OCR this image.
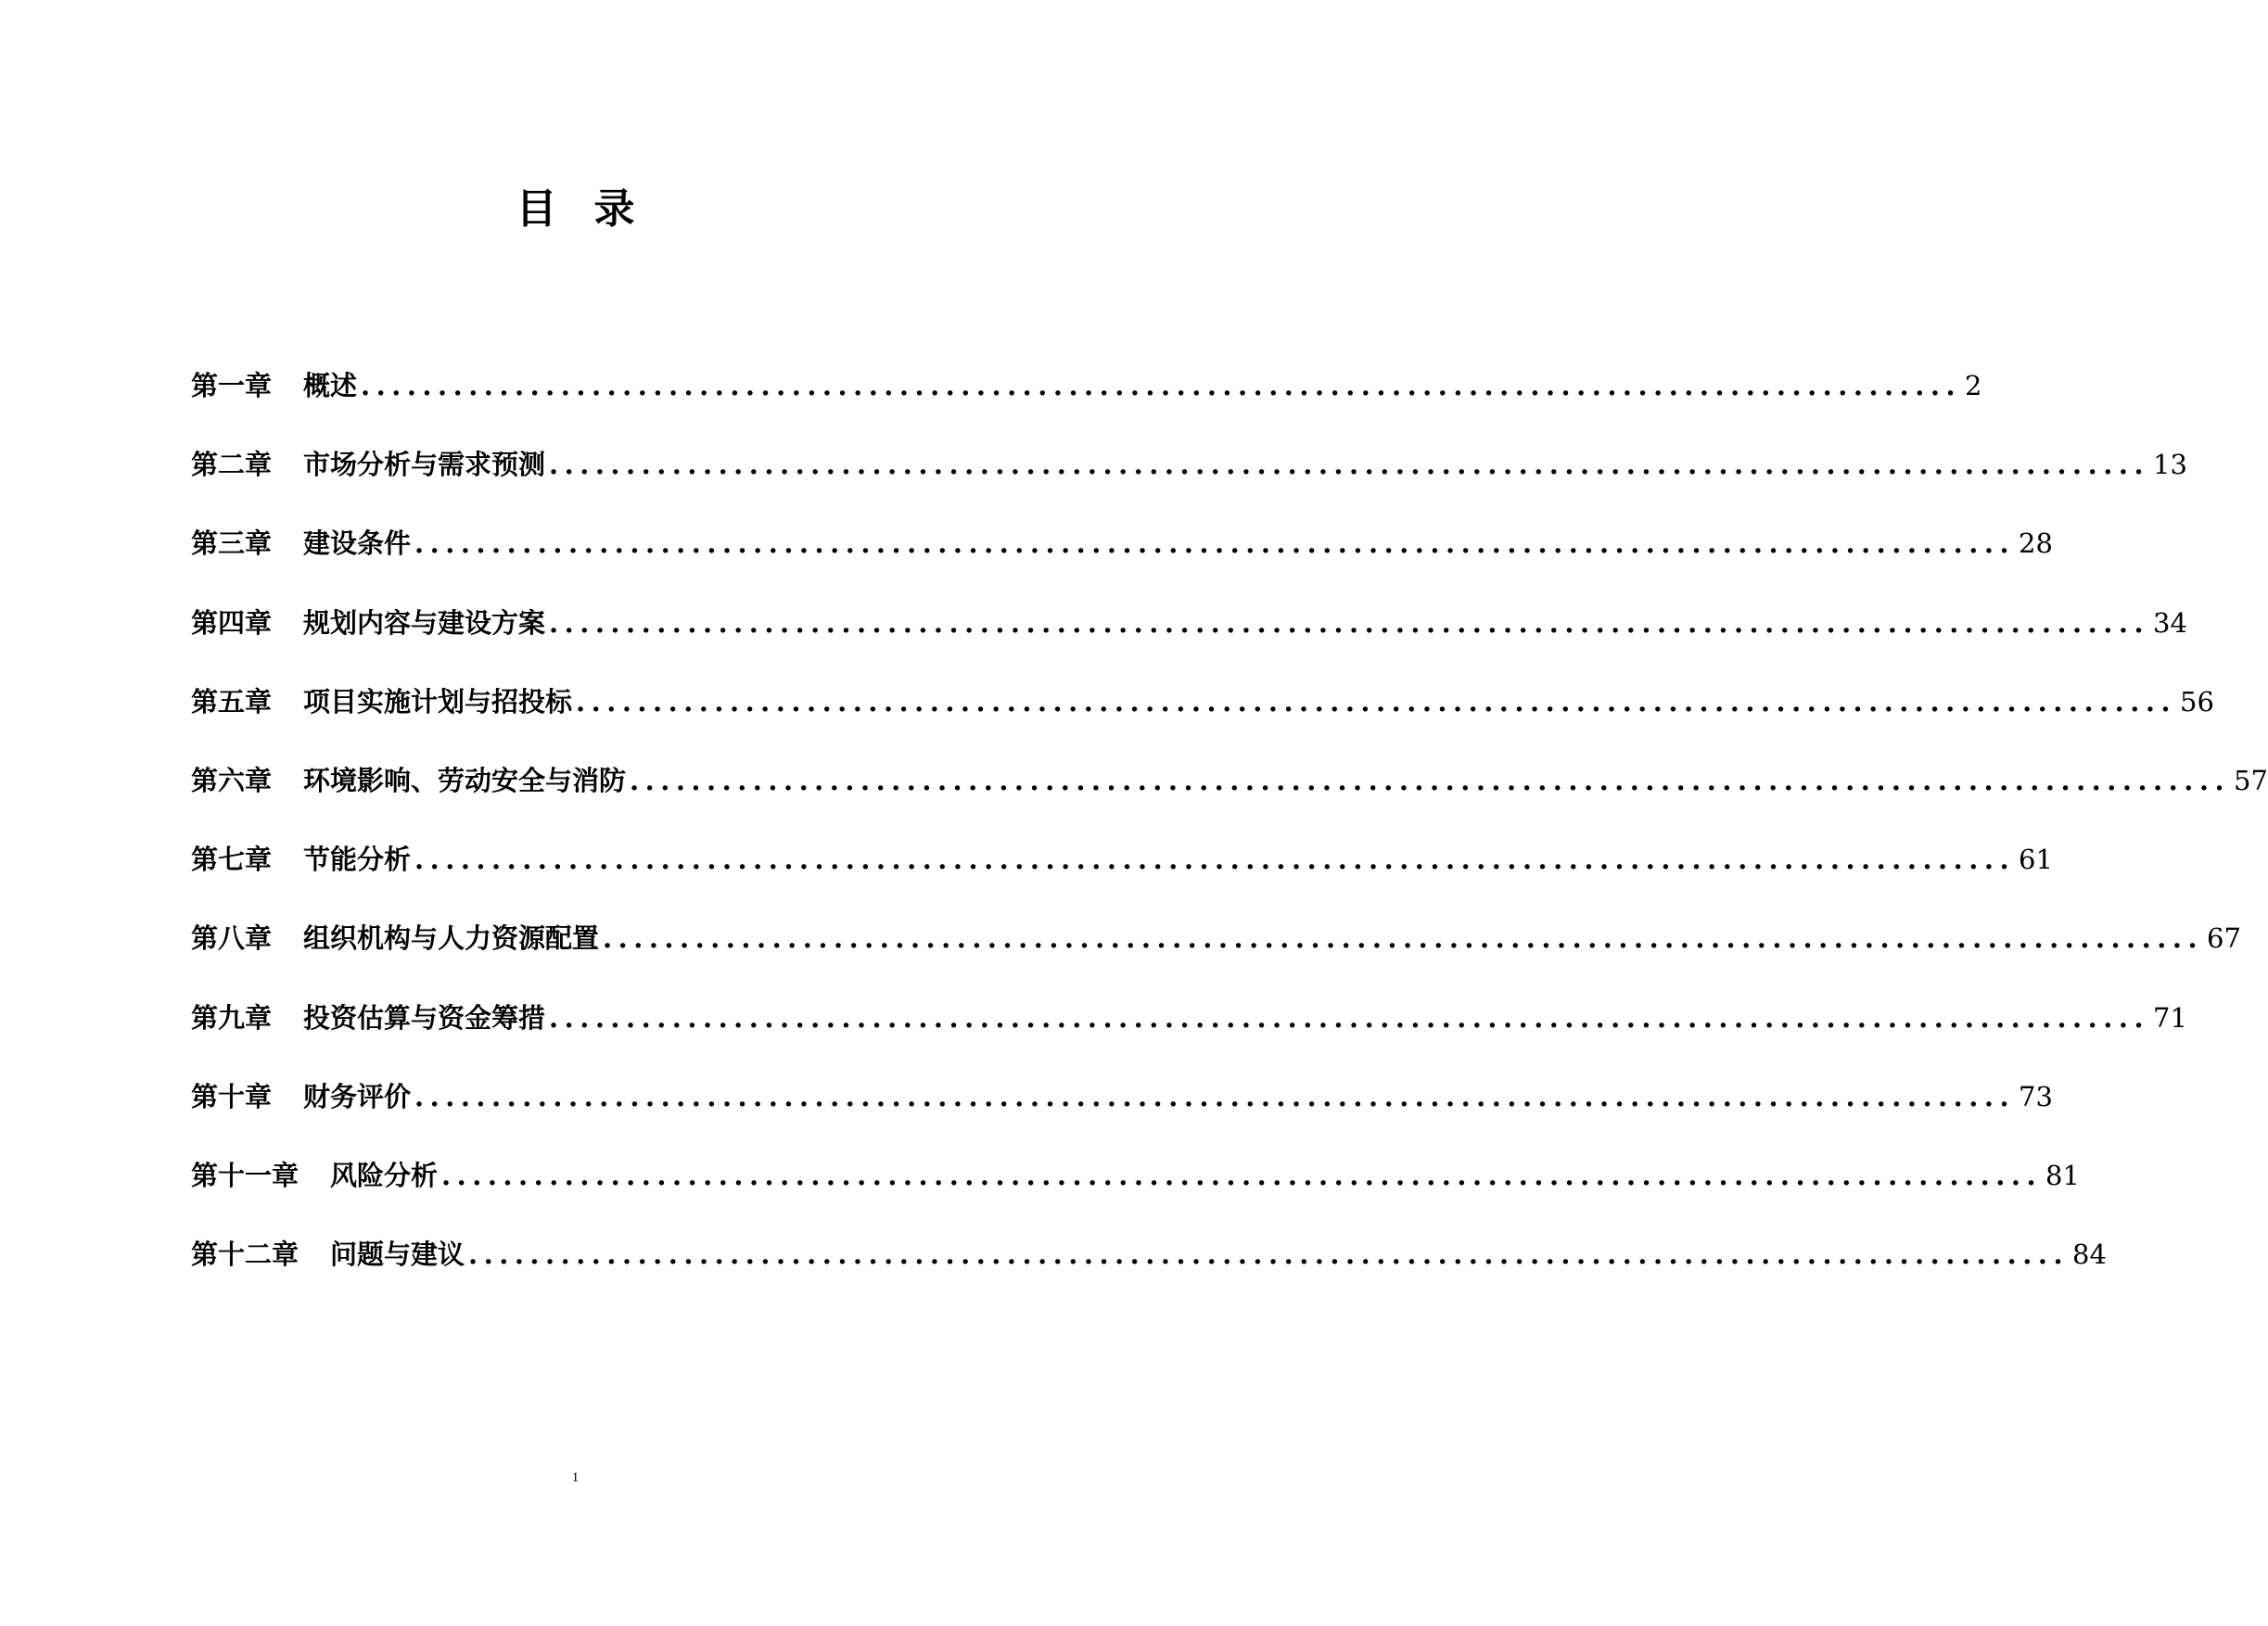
目 录
第一章 概述 ........................................................................................................ 2
第二章 市场分析与需求预测 ........................................................................................................ 13
第三章 建设条件 ........................................................................................................ 28
第四章 规划内容与建设方案 ........................................................................................................ 34
第五章 项目实施计划与招投标 ........................................................................................................ 56
第六章 环境影响、劳动安全与消防 ........................................................................................................ 57
第七章 节能分析 ........................................................................................................ 61
第八章 组织机构与人力资源配置 ........................................................................................................ 67
第九章 投资估算与资金筹措 ........................................................................................................ 71
第十章 财务评价 ........................................................................................................ 73
第十一章 风险分析 ........................................................................................................ 81
第十二章 问题与建议 ........................................................................................................ 84
1
